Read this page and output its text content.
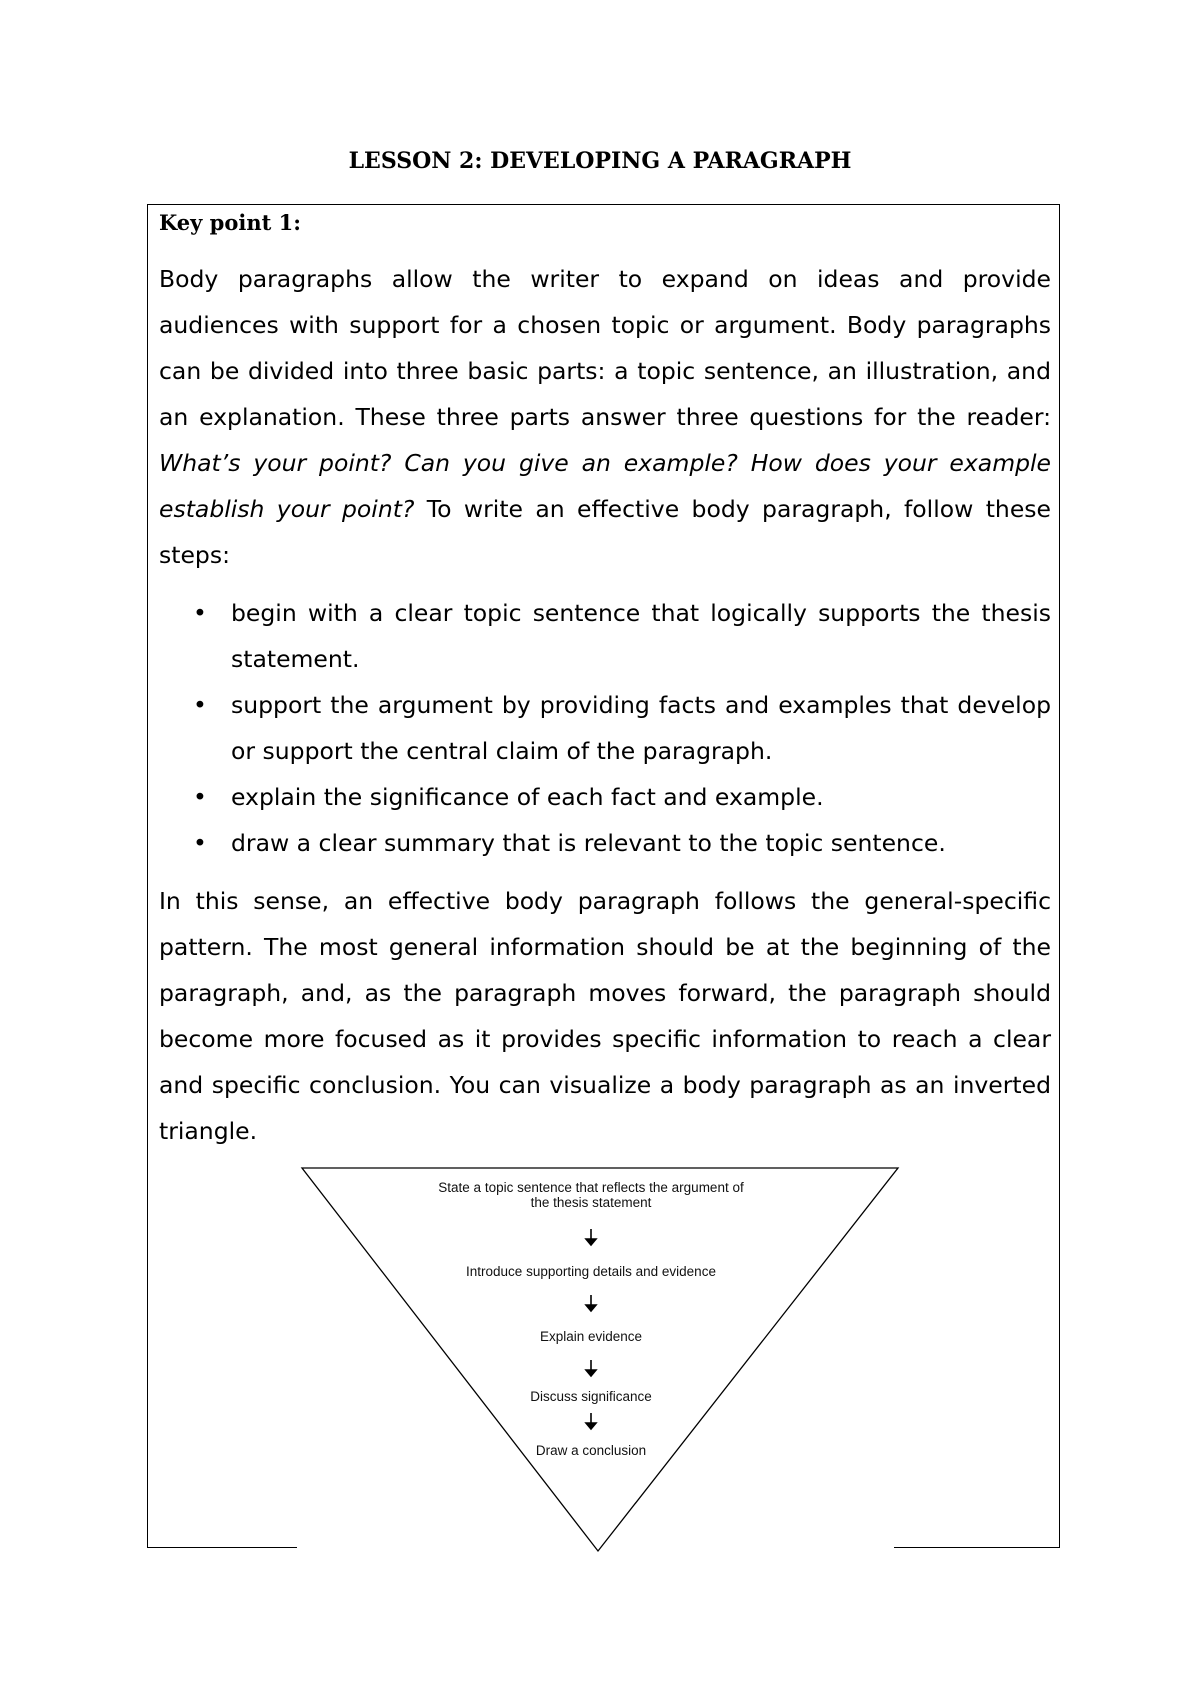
LESSON 2: DEVELOPING A PARAGRAPH
Key point 1:
Body paragraphs allow the writer to expand on ideas and provide audiences with support for a chosen topic or argument. Body paragraphs can be divided into three basic parts: a topic sentence, an illustration, and an explanation. These three parts answer three questions for the reader: What’s your point? Can you give an example? How does your example establish your point? To write an effective body paragraph, follow these steps:
• begin with a clear topic sentence that logically supports the thesis statement.
• support the argument by providing facts and examples that develop or support the central claim of the paragraph.
• explain the significance of each fact and example.
• draw a clear summary that is relevant to the topic sentence.
In this sense, an effective body paragraph follows the general-specific pattern. The most general information should be at the beginning of the paragraph, and, as the paragraph moves forward, the paragraph should become more focused as it provides specific information to reach a clear and specific conclusion. You can visualize a body paragraph as an inverted triangle.
State a topic sentence that reflects the argument of
the thesis statement
Introduce supporting details and evidence
Explain evidence
Discuss significance
Draw a conclusion
